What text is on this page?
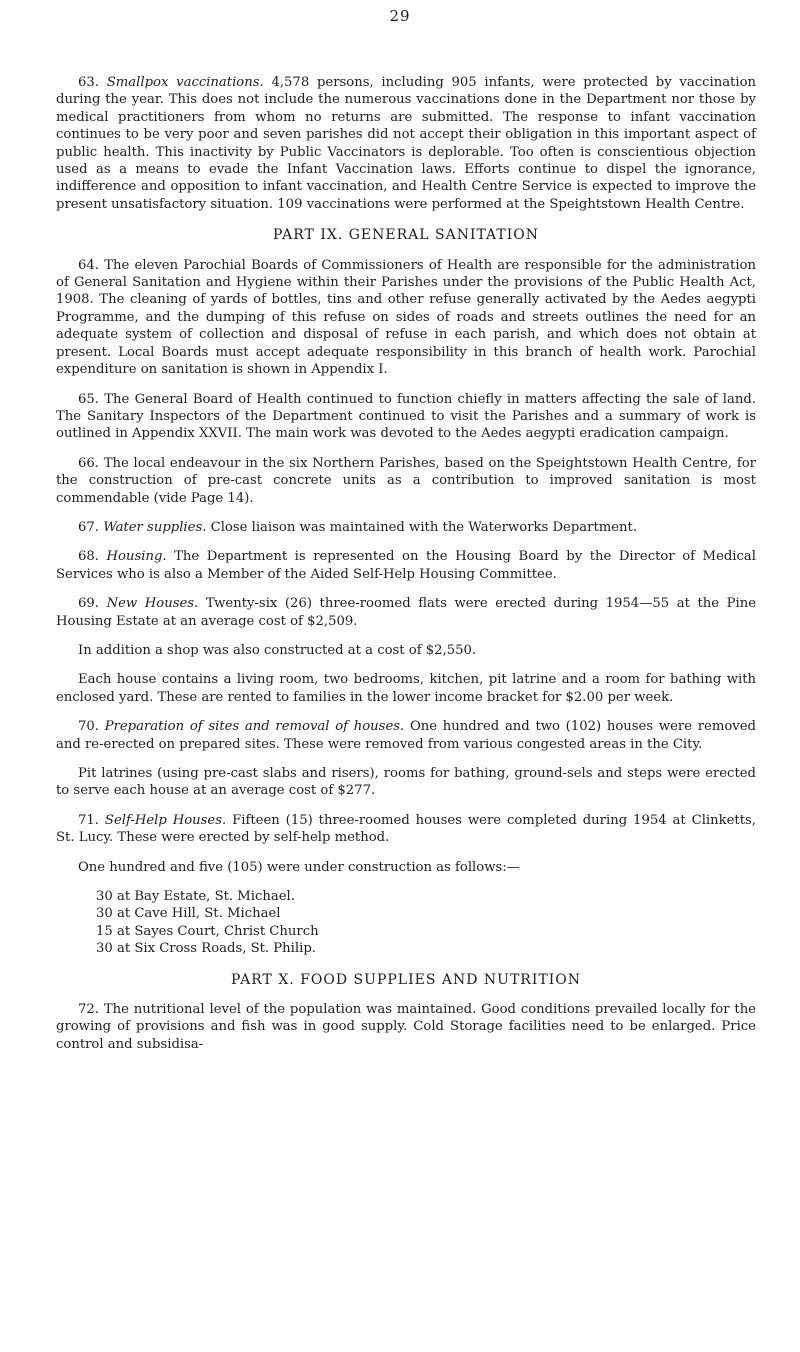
29

63. Smallpox vaccinations. 4,578 persons, including 905 infants, were protected by vaccination during the year. This does not include the numerous vaccinations done in the Department nor those by medical practitioners from whom no returns are submitted. The response to infant vaccination continues to be very poor and seven parishes did not accept their obligation in this important aspect of public health. This inactivity by Public Vaccinators is deplorable. Too often is conscientious objection used as a means to evade the Infant Vaccination laws. Efforts continue to dispel the ignorance, indifference and opposition to infant vaccination, and Health Centre Service is expected to improve the present unsatisfactory situation. 109 vaccinations were performed at the Speightstown Health Centre.

PART IX. GENERAL SANITATION

64. The eleven Parochial Boards of Commissioners of Health are responsible for the administration of General Sanitation and Hygiene within their Parishes under the provisions of the Public Health Act, 1908. The cleaning of yards of bottles, tins and other refuse generally activated by the Aedes aegypti Programme, and the dumping of this refuse on sides of roads and streets outlines the need for an adequate system of collection and disposal of refuse in each parish, and which does not obtain at present. Local Boards must accept adequate responsibility in this branch of health work. Parochial expenditure on sanitation is shown in Appendix I.

65. The General Board of Health continued to function chiefly in matters affecting the sale of land. The Sanitary Inspectors of the Department continued to visit the Parishes and a summary of work is outlined in Appendix XXVII. The main work was devoted to the Aedes aegypti eradication campaign.

66. The local endeavour in the six Northern Parishes, based on the Speightstown Health Centre, for the construction of pre-cast concrete units as a contribution to improved sanitation is most commendable (vide Page 14).

67. Water supplies. Close liaison was maintained with the Waterworks Department.

68. Housing. The Department is represented on the Housing Board by the Director of Medical Services who is also a Member of the Aided Self-Help Housing Committee.

69. New Houses. Twenty-six (26) three-roomed flats were erected during 1954—55 at the Pine Housing Estate at an average cost of $2,509.

In addition a shop was also constructed at a cost of $2,550.

Each house contains a living room, two bedrooms, kitchen, pit latrine and a room for bathing with enclosed yard. These are rented to families in the lower income bracket for $2.00 per week.

70. Preparation of sites and removal of houses. One hundred and two (102) houses were removed and re-erected on prepared sites. These were removed from various congested areas in the City.

Pit latrines (using pre-cast slabs and risers), rooms for bathing, ground-sels and steps were erected to serve each house at an average cost of $277.

71. Self-Help Houses. Fifteen (15) three-roomed houses were completed during 1954 at Clinketts, St. Lucy. These were erected by self-help method.

One hundred and five (105) were under construction as follows:—

30 at Bay Estate, St. Michael.
30 at Cave Hill, St. Michael
15 at Sayes Court, Christ Church
30 at Six Cross Roads, St. Philip.
PART X. FOOD SUPPLIES AND NUTRITION

72. The nutritional level of the population was maintained. Good conditions prevailed locally for the growing of provisions and fish was in good supply. Cold Storage facilities need to be enlarged. Price control and subsidisa-
